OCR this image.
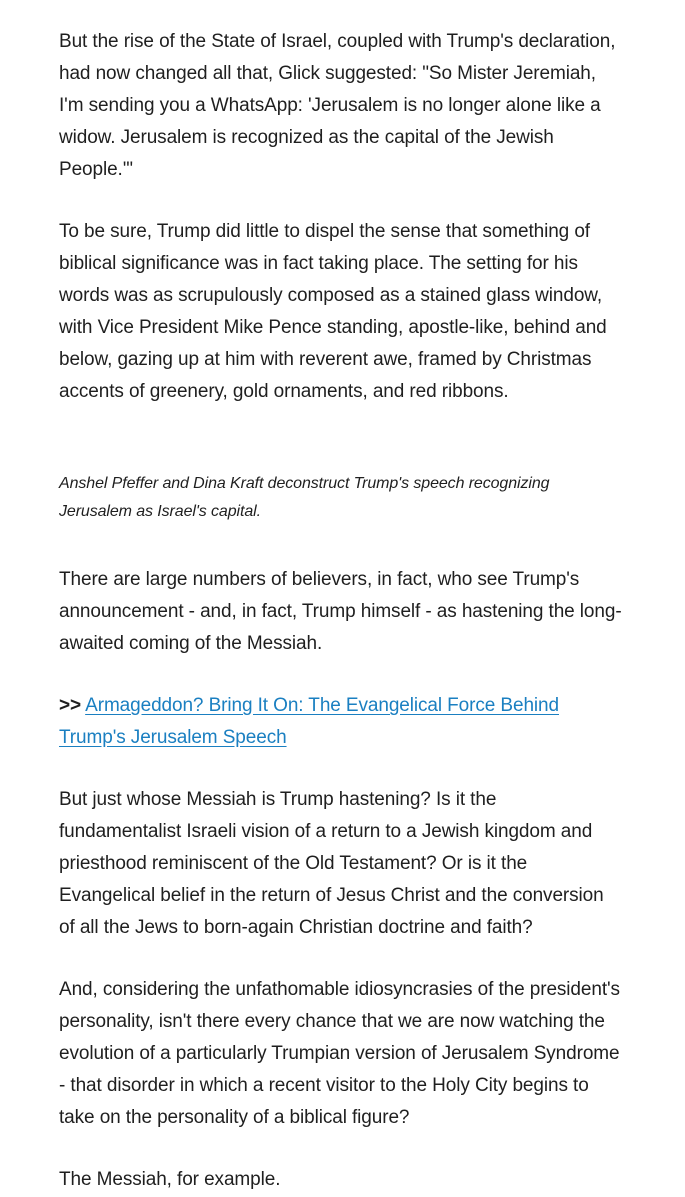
But the rise of the State of Israel, coupled with Trump's declaration,

had now changed all that, Glick suggested: "So Mister Jeremiah,

I'm sending you a WhatsApp: 'Jerusalem is no longer alone like a

widow. Jerusalem is recognized as the capital of the Jewish

People.'"

To be sure, Trump did little to dispel the sense that something of

biblical significance was in fact taking place. The setting for his

words was as scrupulously composed as a stained glass window,

with Vice President Mike Pence standing, apostle-like, behind and

below, gazing up at him with reverent awe, framed by Christmas

accents of greenery, gold ornaments, and red ribbons.

Anshel Pfeffer and Dina Kraft deconstruct Trump's speech recognizing

Jerusalem as Israel's capital.

There are large numbers of believers, in fact, who see Trump's

announcement - and, in fact, Trump himself - as hastening the long-

awaited coming of the Messiah.

>> Armageddon? Bring It On: The Evangelical Force Behind

Trump's Jerusalem Speech

But just whose Messiah is Trump hastening? Is it the

fundamentalist Israeli vision of a return to a Jewish kingdom and

priesthood reminiscent of the Old Testament? Or is it the

Evangelical belief in the return of Jesus Christ and the conversion

of all the Jews to born-again Christian doctrine and faith?

And, considering the unfathomable idiosyncrasies of the president's

personality, isn't there every chance that we are now watching the

evolution of a particularly Trumpian version of Jerusalem Syndrome

- that disorder in which a recent visitor to the Holy City begins to

take on the personality of a biblical figure?

The Messiah, for example.
